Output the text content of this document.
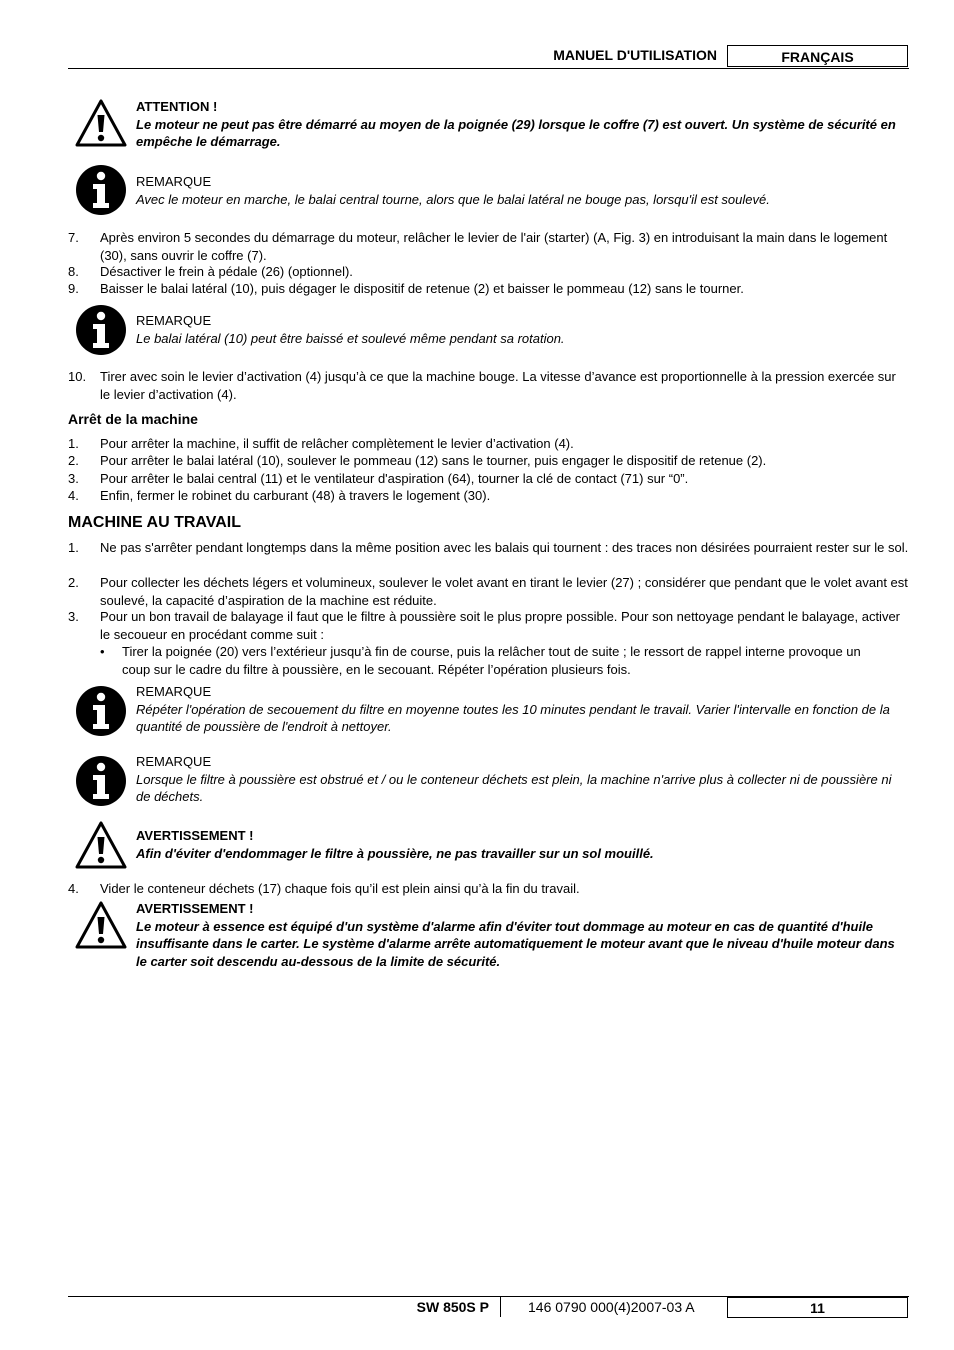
MANUEL D'UTILISATION	FRANÇAIS
ATTENTION !
Le moteur ne peut pas être démarré au moyen de la poignée (29) lorsque le coffre (7) est ouvert. Un système de sécurité en empêche le démarrage.
REMARQUE
Avec le moteur en marche, le balai central tourne, alors que le balai latéral ne bouge pas, lorsqu'il est soulevé.
7. Après environ 5 secondes du démarrage du moteur, relâcher le levier de l'air (starter) (A, Fig. 3) en introduisant la main dans le logement (30), sans ouvrir le coffre (7).
8. Désactiver le frein à pédale (26) (optionnel).
9. Baisser le balai latéral (10), puis dégager le dispositif de retenue (2) et baisser le pommeau (12) sans le tourner.
REMARQUE
Le balai latéral (10) peut être baissé et soulevé même pendant sa rotation.
10. Tirer avec soin le levier d’activation (4) jusqu’à ce que la machine bouge. La vitesse d’avance est proportionnelle à la pression exercée sur le levier d’activation (4).
Arrêt de la machine
1. Pour arrêter la machine, il suffit de relâcher complètement le levier d’activation (4).
2. Pour arrêter le balai latéral (10), soulever le pommeau (12) sans le tourner, puis engager le dispositif de retenue (2).
3. Pour arrêter le balai central (11) et le ventilateur d'aspiration (64), tourner la clé de contact (71) sur “0”.
4. Enfin, fermer le robinet du carburant (48) à travers le logement (30).
MACHINE AU TRAVAIL
1. Ne pas s'arrêter pendant longtemps dans la même position avec les balais qui tournent : des traces non désirées pourraient rester sur le sol.
2. Pour collecter les déchets légers et volumineux, soulever le volet avant en tirant le levier (27) ; considérer que pendant que le volet avant est soulevé, la capacité d’aspiration de la machine est réduite.
3. Pour un bon travail de balayage il faut que le filtre à poussière soit le plus propre possible. Pour son nettoyage pendant le balayage, activer le secoueur en procédant comme suit :
• Tirer la poignée (20) vers l’extérieur jusqu’à fin de course, puis la relâcher tout de suite ; le ressort de rappel interne provoque un coup sur le cadre du filtre à poussière, en le secouant. Répéter l’opération plusieurs fois.
REMARQUE
Répéter l'opération de secouement du filtre en moyenne toutes les 10 minutes pendant le travail. Varier l'intervalle en fonction de la quantité de poussière de l'endroit à nettoyer.
REMARQUE
Lorsque le filtre à poussière est obstrué et / ou le conteneur déchets est plein, la machine n'arrive plus à collecter ni de poussière ni de déchets.
AVERTISSEMENT !
Afin d'éviter d'endommager le filtre à poussière, ne pas travailler sur un sol mouillé.
4. Vider le conteneur déchets (17) chaque fois qu’il est plein ainsi qu’à la fin du travail.
AVERTISSEMENT !
Le moteur à essence est équipé d'un système d'alarme afin d'éviter tout dommage au moteur en cas de quantité d'huile insuffisante dans le carter. Le système d'alarme arrête automatiquement le moteur avant que le niveau d'huile moteur dans le carter soit descendu au-dessous de la limite de sécurité.
SW 850S P	146 0790 000(4)2007-03 A	11
